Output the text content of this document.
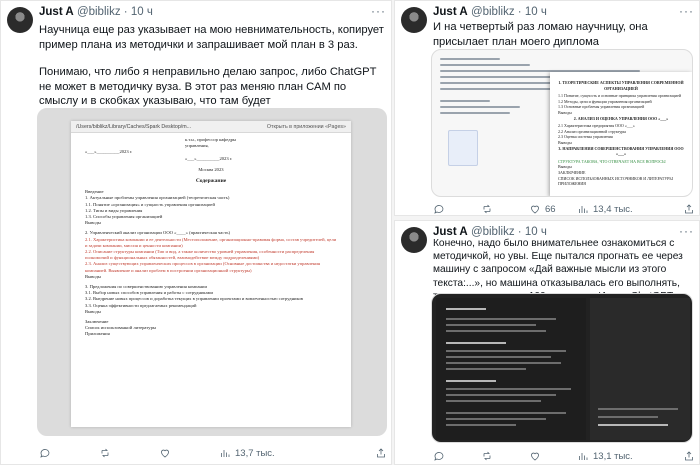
Just A @biblikz · 10 ч	···

Научница еще раз указывает на мою невнимательность, копирует пример плана из методички и запрашивает мой план в 3 раз.

Понимаю, что либо я неправильно делаю запрос, либо ChatGPT не может в методичку вуза. В этот раз меняю план САМ по смыслу и в скобках указываю, что там будет

/Users/biblikz/Library/Caches/Spark Desktop/m...	Открыть в приложении «Pages»
к.т.н., профессор кафедры
управления,
«___»__________2023 г.
«___»__________2023 г.
Москва 2023
Содержание
Введение
1. Актуальные проблемы управления организацией (теоретическая часть)
1.1. Понятие «организация» и сущность управления организацией
1.2. Типы и виды управления
1.3. Способы управления организацией
Выводы
2. Управленческий анализ организации ООО «____» (практическая часть)
2.1. Характеристика компании и ее деятельности (Местоположение, организационно-правовая форма, состав учредителей, цели и задачи компании, миссия и ценности компании)
2.2. Описание структуры компании (Тип и вид, а также количество уровней управления, особенности распределения полномочий и функциональных обязанностей, взаимодействие между подразделениями)
2.3. Анализ существующих управленческих процессов в организации (Основные достоинства и недостатки управления компанией. Выявление и анализ проблем в построении организационной структуры)
Выводы
3. Предложения по совершенствованию управления компании
3.1. Выбор новых способов управления и работы с сотрудниками
3.2. Внедрение новых процессов и доработка текущих в управлении проектами и вовлеченностью сотрудников
3.3. Оценка эффективности предлагаемых рекомендаций
Выводы
Заключение
Список использованной литературы
Приложения
13,7 тыс.
Just A @biblikz · 10 ч	···

И на четвертый раз ломаю научницу, она присылает план моего диплома

1. ТЕОРЕТИЧЕСКИЕ АСПЕКТЫ УПРАВЛЕНИЯ СОВРЕМЕННОЙ ОРГАНИЗАЦИЕЙ
1.1 Понятие, сущность и основные принципы управления организацией
1.2 Методы, цели и функции управления организацией
1.3 Основные проблемы управления организацией
Выводы
2. АНАЛИЗ И ОЦЕНКА УПРАВЛЕНИЯ ООО «___»
2.1 Характеристика предприятия ООО «___»
2.2 Анализ организационной структуры
2.3 Оценка системы управления
Выводы
3. НАПРАВЛЕНИЯ СОВЕРШЕНСТВОВАНИЯ УПРАВЛЕНИЯ ООО «___»
СТРУКТУРА ТАКОВА, ЧТО ОТВЕЧАЕТ НА ВСЕ ВОПРОСЫ
Выводы
ЗАКЛЮЧЕНИЕ
СПИСОК ИСПОЛЬЗОВАННЫХ ИСТОЧНИКОВ И ЛИТЕРАТУРЫ
ПРИЛОЖЕНИЯ
66	13,4 тыс.
Just A @biblikz · 10 ч	···

Конечно, надо было внимательнее ознакомиться с методичкой, но увы. Еще пытался прогнать ее через машину с запросом «Дай важные мысли из этого текста:...», но машина отказывалась его выполнять,

13,1 тыс.
